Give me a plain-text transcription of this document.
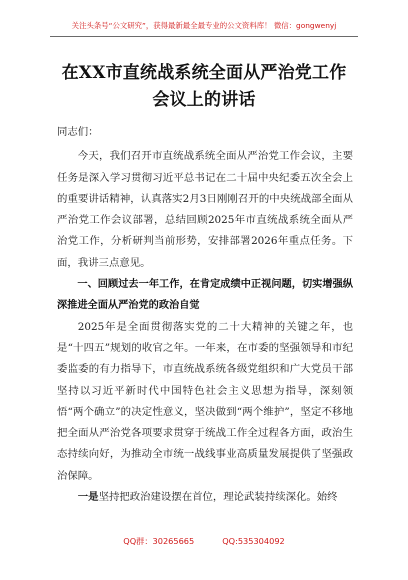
关注头条号“公文研究”，获得最新最全最专业的公文资料库！ 微信：gongwenyj
在XX市直统战系统全面从严治党工作会议上的讲话

同志们：

今天，我们召开市直统战系统全面从严治党工作会议，主要任务是深入学习贯彻习近平总书记在二十届中央纪委五次全会上的重要讲话精神，认真落实2月3日刚刚召开的中央统战部全面从严治党工作会议部署，总结回顾2025年市直统战系统全面从严治党工作，分析研判当前形势，安排部署2026年重点任务。下面，我讲三点意见。

一、回顾过去一年工作，在肯定成绩中正视问题，切实增强纵深推进全面从严治党的政治自觉

2025年是全面贯彻落实党的二十大精神的关键之年，也是“十四五”规划的收官之年。一年来，在市委的坚强领导和市纪委监委的有力指导下，市直统战系统各级党组织和广大党员干部坚持以习近平新时代中国特色社会主义思想为指导，深刻领悟“两个确立”的决定性意义，坚决做到“两个维护”，坚定不移地把全面从严治党各项要求贯穿于统战工作全过程各方面，政治生态持续向好，为推动全市统一战线事业高质量发展提供了坚强政治保障。

一是坚持把政治建设摆在首位，理论武装持续深化。始终

QQ群：30265665	QQ:535304092
